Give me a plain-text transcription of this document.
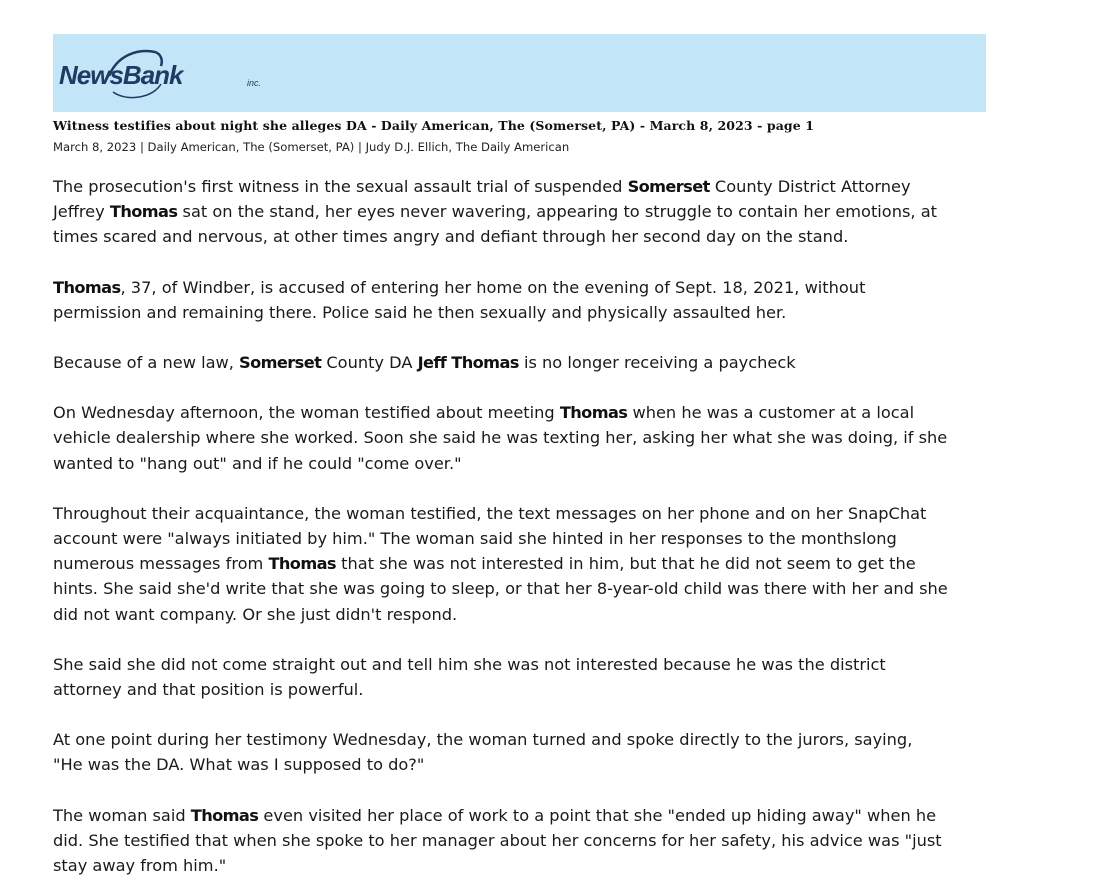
NewsBank	inc.
Witness testifies about night she alleges DA - Daily American, The (Somerset, PA) - March 8, 2023 - page 1
March 8, 2023 | Daily American, The (Somerset, PA) | Judy D.J. Ellich, The Daily American

The prosecution's first witness in the sexual assault trial of suspended Somerset County District Attorney
Jeffrey Thomas sat on the stand, her eyes never wavering, appearing to struggle to contain her emotions, at
times scared and nervous, at other times angry and defiant through her second day on the stand.

Thomas, 37, of Windber, is accused of entering her home on the evening of Sept. 18, 2021, without
permission and remaining there. Police said he then sexually and physically assaulted her.

Because of a new law, Somerset County DA Jeff Thomas is no longer receiving a paycheck

On Wednesday afternoon, the woman testified about meeting Thomas when he was a customer at a local
vehicle dealership where she worked. Soon she said he was texting her, asking her what she was doing, if she
wanted to "hang out" and if he could "come over."

Throughout their acquaintance, the woman testified, the text messages on her phone and on her SnapChat
account were "always initiated by him." The woman said she hinted in her responses to the monthslong
numerous messages from Thomas that she was not interested in him, but that he did not seem to get the
hints. She said she'd write that she was going to sleep, or that her 8-year-old child was there with her and she
did not want company. Or she just didn't respond.

She said she did not come straight out and tell him she was not interested because he was the district
attorney and that position is powerful.

At one point during her testimony Wednesday, the woman turned and spoke directly to the jurors, saying,
"He was the DA. What was I supposed to do?"

The woman said Thomas even visited her place of work to a point that she "ended up hiding away" when he
did. She testified that when she spoke to her manager about her concerns for her safety, his advice was "just
stay away from him."
